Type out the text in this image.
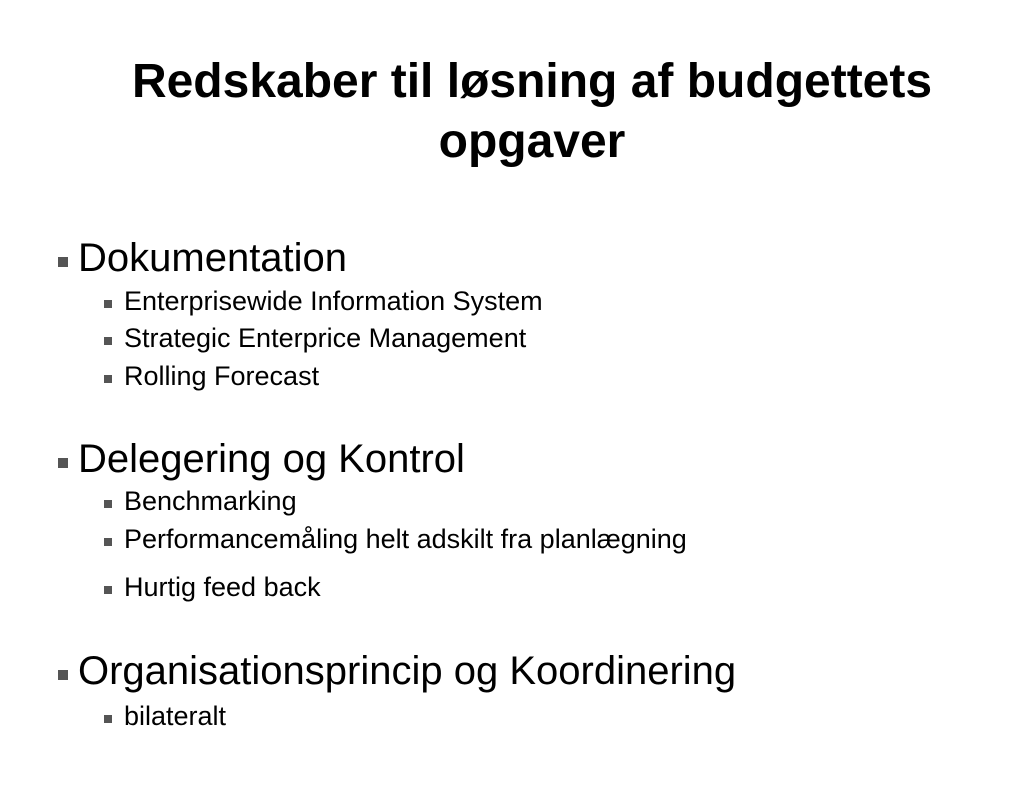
Redskaber til løsning af budgettets
opgaver
Dokumentation
Enterprisewide Information System
Strategic Enterprice Management
Rolling Forecast
Delegering og Kontrol
Benchmarking
Performancemåling helt adskilt fra planlægning
Hurtig feed back
Organisationsprincip og Koordinering
bilateralt
